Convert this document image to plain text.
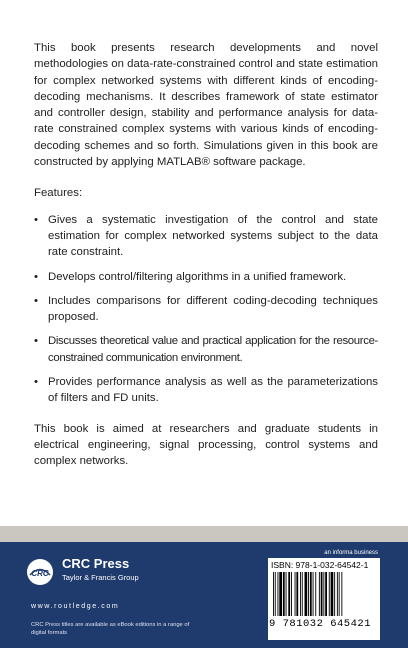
This book presents research developments and novel methodologies on data-rate-constrained control and state estimation for complex networked systems with different kinds of encoding-decoding mechanisms. It describes framework of state estimator and controller design, stability and performance analysis for data-rate constrained complex systems with various kinds of encoding-decoding schemes and so forth. Simulations given in this book are constructed by applying MATLAB® software package.

Features:

• Gives a systematic investigation of the control and state estimation for complex networked systems subject to the data rate constraint.
• Develops control/filtering algorithms in a unified framework.
• Includes comparisons for different coding-decoding techniques proposed.
• Discusses theoretical value and practical application for the resource-constrained communication environment.
• Provides performance analysis as well as the parameterizations of filters and FD units.

This book is aimed at researchers and graduate students in electrical engineering, signal processing, control systems and complex networks.

CRC
CRC Press
Taylor & Francis Group
www.routledge.com
CRC Press titles are available as eBook editions in a range of digital formats
an informa business
ISBN: 978-1-032-64542-1
9 781032 645421
